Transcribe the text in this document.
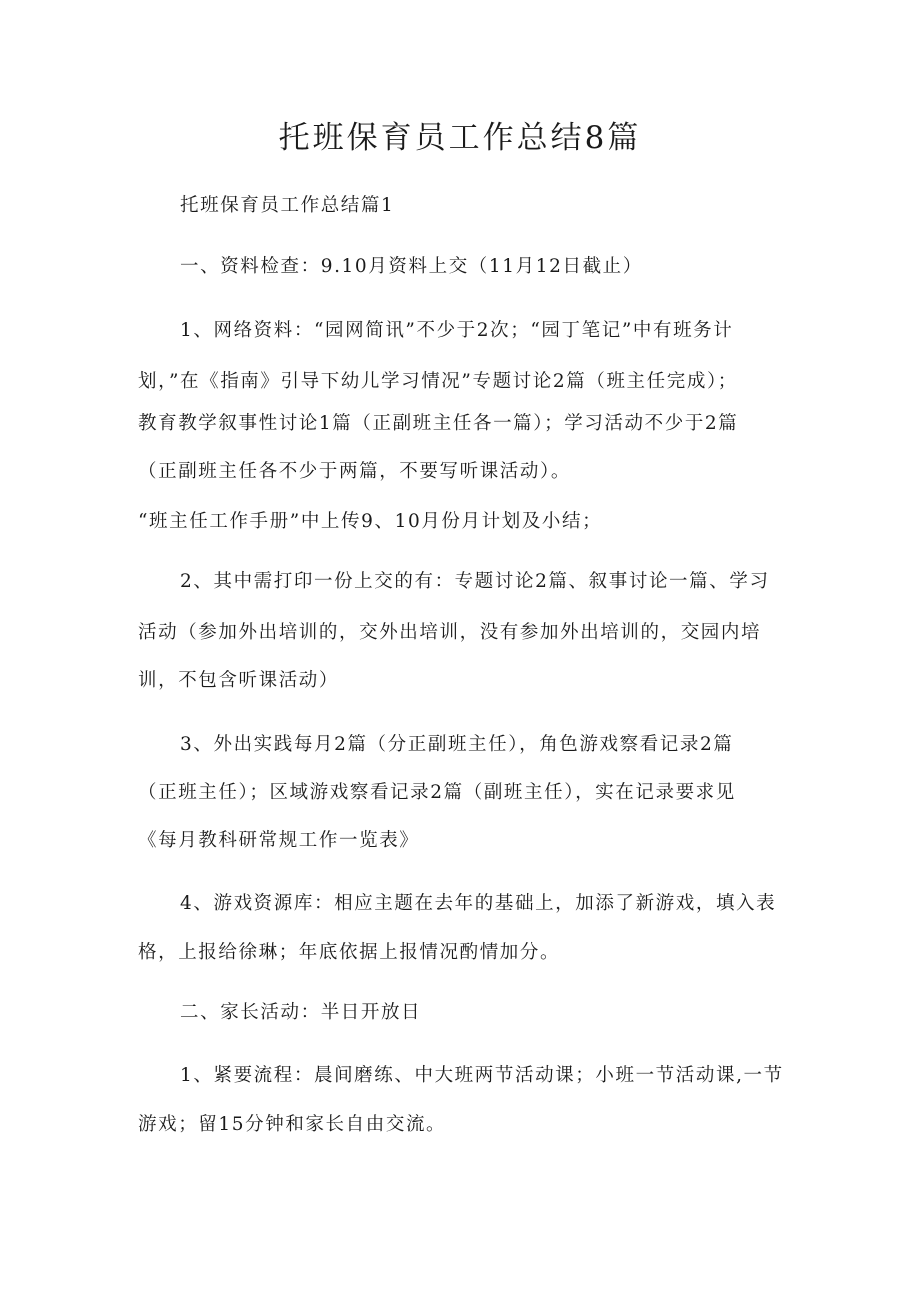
托班保育员工作总结8篇
托班保育员工作总结篇1
一、资料检查：9.10月资料上交（11月12日截止）
1、网络资料：“园网简讯”不少于2次；“园丁笔记”中有班务计
划，”在《指南》引导下幼儿学习情况”专题讨论2篇（班主任完成）；
教育教学叙事性讨论1篇（正副班主任各一篇）；学习活动不少于2篇
（正副班主任各不少于两篇，不要写听课活动）。
“班主任工作手册”中上传9、10月份月计划及小结；
2、其中需打印一份上交的有：专题讨论2篇、叙事讨论一篇、学习
活动（参加外出培训的，交外出培训，没有参加外出培训的，交园内培
训，不包含听课活动）
3、外出实践每月2篇（分正副班主任），角色游戏察看记录2篇
（正班主任）；区域游戏察看记录2篇（副班主任），实在记录要求见
《每月教科研常规工作一览表》
4、游戏资源库：相应主题在去年的基础上，加添了新游戏，填入表
格，上报给徐琳；年底依据上报情况酌情加分。
二、家长活动：半日开放日
1、紧要流程：晨间磨练、中大班两节活动课；小班一节活动课,一节
游戏；留15分钟和家长自由交流。
